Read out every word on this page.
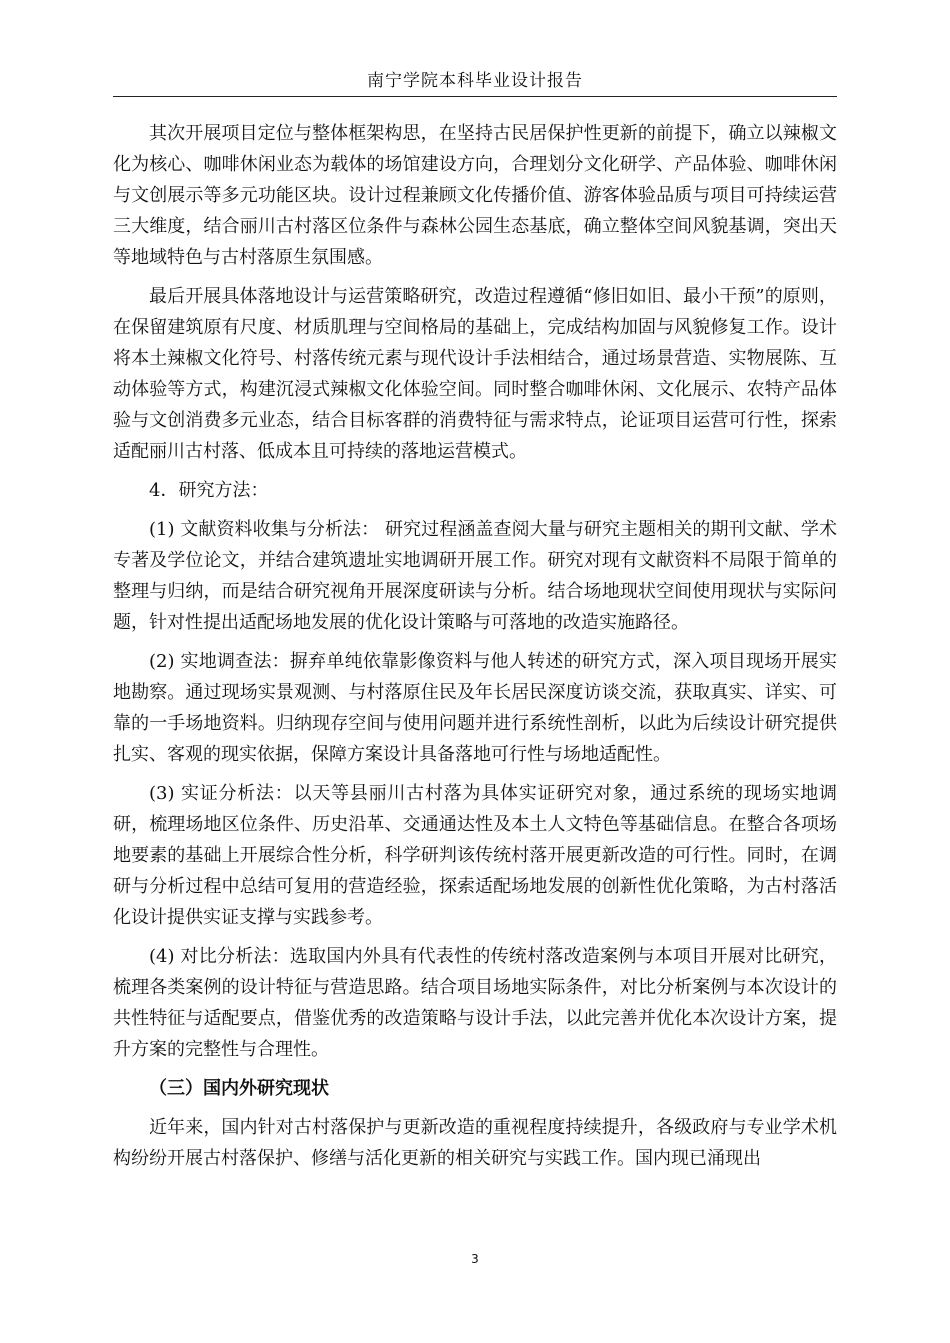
南宁学院本科毕业设计报告

其次开展项目定位与整体框架构思，在坚持古民居保护性更新的前提下，确立以辣椒文化为核心、咖啡休闲业态为载体的场馆建设方向，合理划分文化研学、产品体验、咖啡休闲与文创展示等多元功能区块。设计过程兼顾文化传播价值、游客体验品质与项目可持续运营三大维度，结合丽川古村落区位条件与森林公园生态基底，确立整体空间风貌基调，突出天等地域特色与古村落原生氛围感。

最后开展具体落地设计与运营策略研究，改造过程遵循“修旧如旧、最小干预”的原则，在保留建筑原有尺度、材质肌理与空间格局的基础上，完成结构加固与风貌修复工作。设计将本土辣椒文化符号、村落传统元素与现代设计手法相结合，通过场景营造、实物展陈、互动体验等方式，构建沉浸式辣椒文化体验空间。同时整合咖啡休闲、文化展示、农特产品体验与文创消费多元业态，结合目标客群的消费特征与需求特点，论证项目运营可行性，探索适配丽川古村落、低成本且可持续的落地运营模式。

4．研究方法：

(1) 文献资料收集与分析法： 研究过程涵盖查阅大量与研究主题相关的期刊文献、学术专著及学位论文，并结合建筑遗址实地调研开展工作。研究对现有文献资料不局限于简单的整理与归纳，而是结合研究视角开展深度研读与分析。结合场地现状空间使用现状与实际问题，针对性提出适配场地发展的优化设计策略与可落地的改造实施路径。

(2) 实地调查法：摒弃单纯依靠影像资料与他人转述的研究方式，深入项目现场开展实地勘察。通过现场实景观测、与村落原住民及年长居民深度访谈交流，获取真实、详实、可靠的一手场地资料。归纳现存空间与使用问题并进行系统性剖析，以此为后续设计研究提供扎实、客观的现实依据，保障方案设计具备落地可行性与场地适配性。

(3) 实证分析法：以天等县丽川古村落为具体实证研究对象，通过系统的现场实地调研，梳理场地区位条件、历史沿革、交通通达性及本土人文特色等基础信息。在整合各项场地要素的基础上开展综合性分析，科学研判该传统村落开展更新改造的可行性。同时，在调研与分析过程中总结可复用的营造经验，探索适配场地发展的创新性优化策略，为古村落活化设计提供实证支撑与实践参考。

(4) 对比分析法：选取国内外具有代表性的传统村落改造案例与本项目开展对比研究，梳理各类案例的设计特征与营造思路。结合项目场地实际条件，对比分析案例与本次设计的共性特征与适配要点，借鉴优秀的改造策略与设计手法，以此完善并优化本次设计方案，提升方案的完整性与合理性。

（三）国内外研究现状

近年来，国内针对古村落保护与更新改造的重视程度持续提升，各级政府与专业学术机构纷纷开展古村落保护、修缮与活化更新的相关研究与实践工作。国内现已涌现出

3
